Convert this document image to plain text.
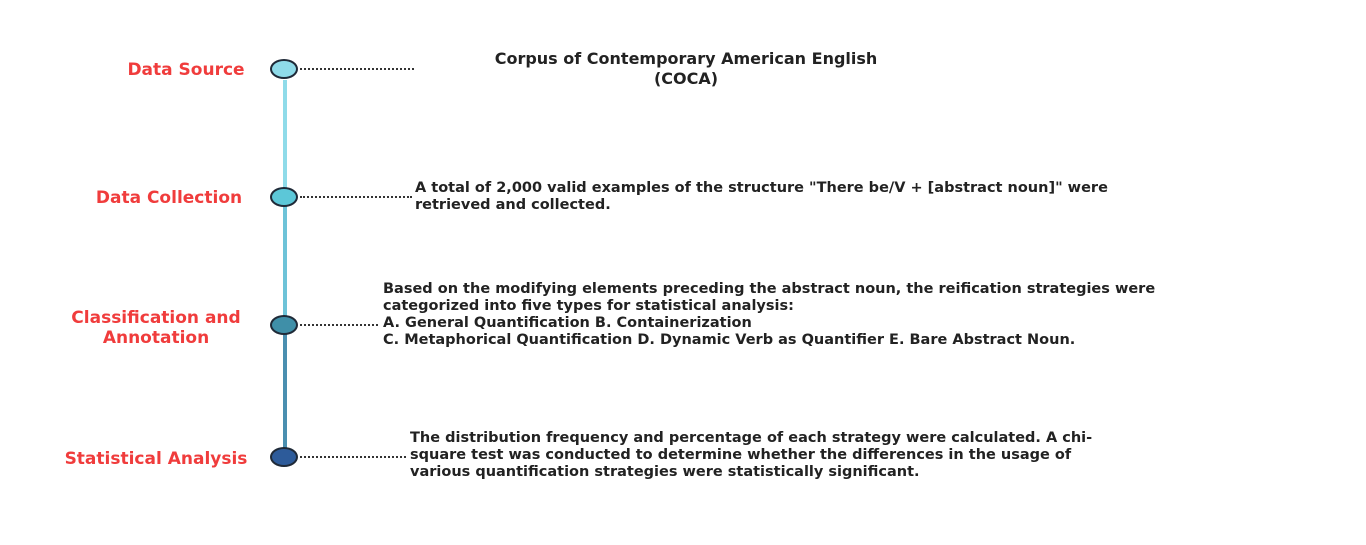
Data Source
Corpus of Contemporary American English
(COCA)
Data Collection	A total of 2,000 valid examples of the structure "There be/V + [abstract noun]" were
retrieved and collected.
Classification and
Annotation
Based on the modifying elements preceding the abstract noun, the reification strategies were
categorized into five types for statistical analysis:
A. General Quantification B. Containerization
C. Metaphorical Quantification D. Dynamic Verb as Quantifier E. Bare Abstract Noun.
Statistical Analysis
The distribution frequency and percentage of each strategy were calculated. A chi-
square test was conducted to determine whether the differences in the usage of
various quantification strategies were statistically significant.
